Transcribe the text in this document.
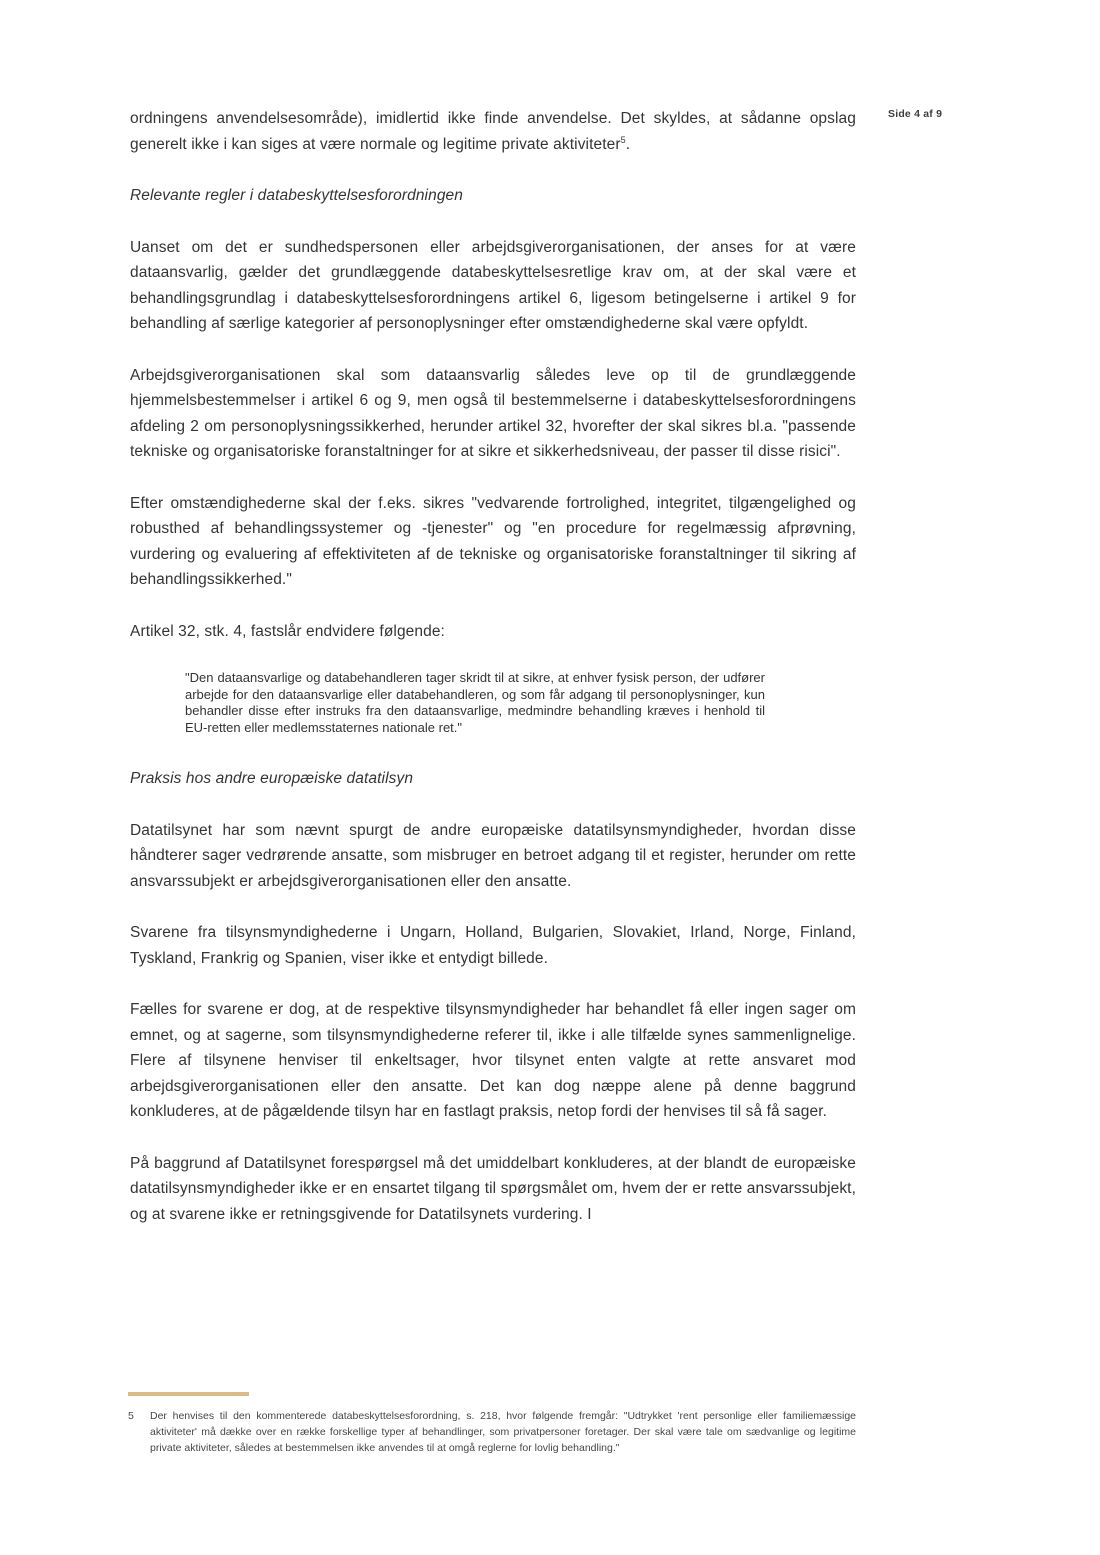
Side 4 af 9

ordningens anvendelsesområde), imidlertid ikke finde anvendelse. Det skyldes, at sådanne opslag generelt ikke i kan siges at være normale og legitime private aktiviteter$^5$.

Relevante regler i databeskyttelsesforordningen

Uanset om det er sundhedspersonen eller arbejdsgiverorganisationen, der anses for at være dataansvarlig, gælder det grundlæggende databeskyttelsesretlige krav om, at der skal være et behandlingsgrundlag i databeskyttelsesforordningens artikel 6, ligesom betingelserne i artikel 9 for behandling af særlige kategorier af personoplysninger efter omstændighederne skal være opfyldt.

Arbejdsgiverorganisationen skal som dataansvarlig således leve op til de grundlæggende hjemmelsbestemmelser i artikel 6 og 9, men også til bestemmelserne i databeskyttelsesforordningens afdeling 2 om personoplysningssikkerhed, herunder artikel 32, hvorefter der skal sikres bl.a. "passende tekniske og organisatoriske foranstaltninger for at sikre et sikkerhedsniveau, der passer til disse risici".

Efter omstændighederne skal der f.eks. sikres "vedvarende fortrolighed, integritet, tilgængelighed og robusthed af behandlingssystemer og -tjenester" og "en procedure for regelmæssig afprøvning, vurdering og evaluering af effektiviteten af de tekniske og organisatoriske foranstaltninger til sikring af behandlingssikkerhed."

Artikel 32, stk. 4, fastslår endvidere følgende:

"Den dataansvarlige og databehandleren tager skridt til at sikre, at enhver fysisk person, der udfører arbejde for den dataansvarlige eller databehandleren, og som får adgang til personoplysninger, kun behandler disse efter instruks fra den dataansvarlige, medmindre behandling kræves i henhold til EU-retten eller medlemsstaternes nationale ret."

Praksis hos andre europæiske datatilsyn

Datatilsynet har som nævnt spurgt de andre europæiske datatilsynsmyndigheder, hvordan disse håndterer sager vedrørende ansatte, som misbruger en betroet adgang til et register, herunder om rette ansvarssubjekt er arbejdsgiverorganisationen eller den ansatte.

Svarene fra tilsynsmyndighederne i Ungarn, Holland, Bulgarien, Slovakiet, Irland, Norge, Finland, Tyskland, Frankrig og Spanien, viser ikke et entydigt billede.

Fælles for svarene er dog, at de respektive tilsynsmyndigheder har behandlet få eller ingen sager om emnet, og at sagerne, som tilsynsmyndighederne referer til, ikke i alle tilfælde synes sammenlignelige. Flere af tilsynene henviser til enkeltsager, hvor tilsynet enten valgte at rette ansvaret mod arbejdsgiverorganisationen eller den ansatte. Det kan dog næppe alene på denne baggrund konkluderes, at de pågældende tilsyn har en fastlagt praksis, netop fordi der henvises til så få sager.

På baggrund af Datatilsynet forespørgsel må det umiddelbart konkluderes, at der blandt de europæiske datatilsynsmyndigheder ikke er en ensartet tilgang til spørgsmålet om, hvem der er rette ansvarssubjekt, og at svarene ikke er retningsgivende for Datatilsynets vurdering. I

5	Der henvises til den kommenterede databeskyttelsesforordning, s. 218, hvor følgende fremgår: "Udtrykket 'rent personlige eller familiemæssige aktiviteter' må dække over en række forskellige typer af behandlinger, som privatpersoner foretager. Der skal være tale om sædvanlige og legitime private aktiviteter, således at bestemmelsen ikke anvendes til at omgå reglerne for lovlig behandling."
